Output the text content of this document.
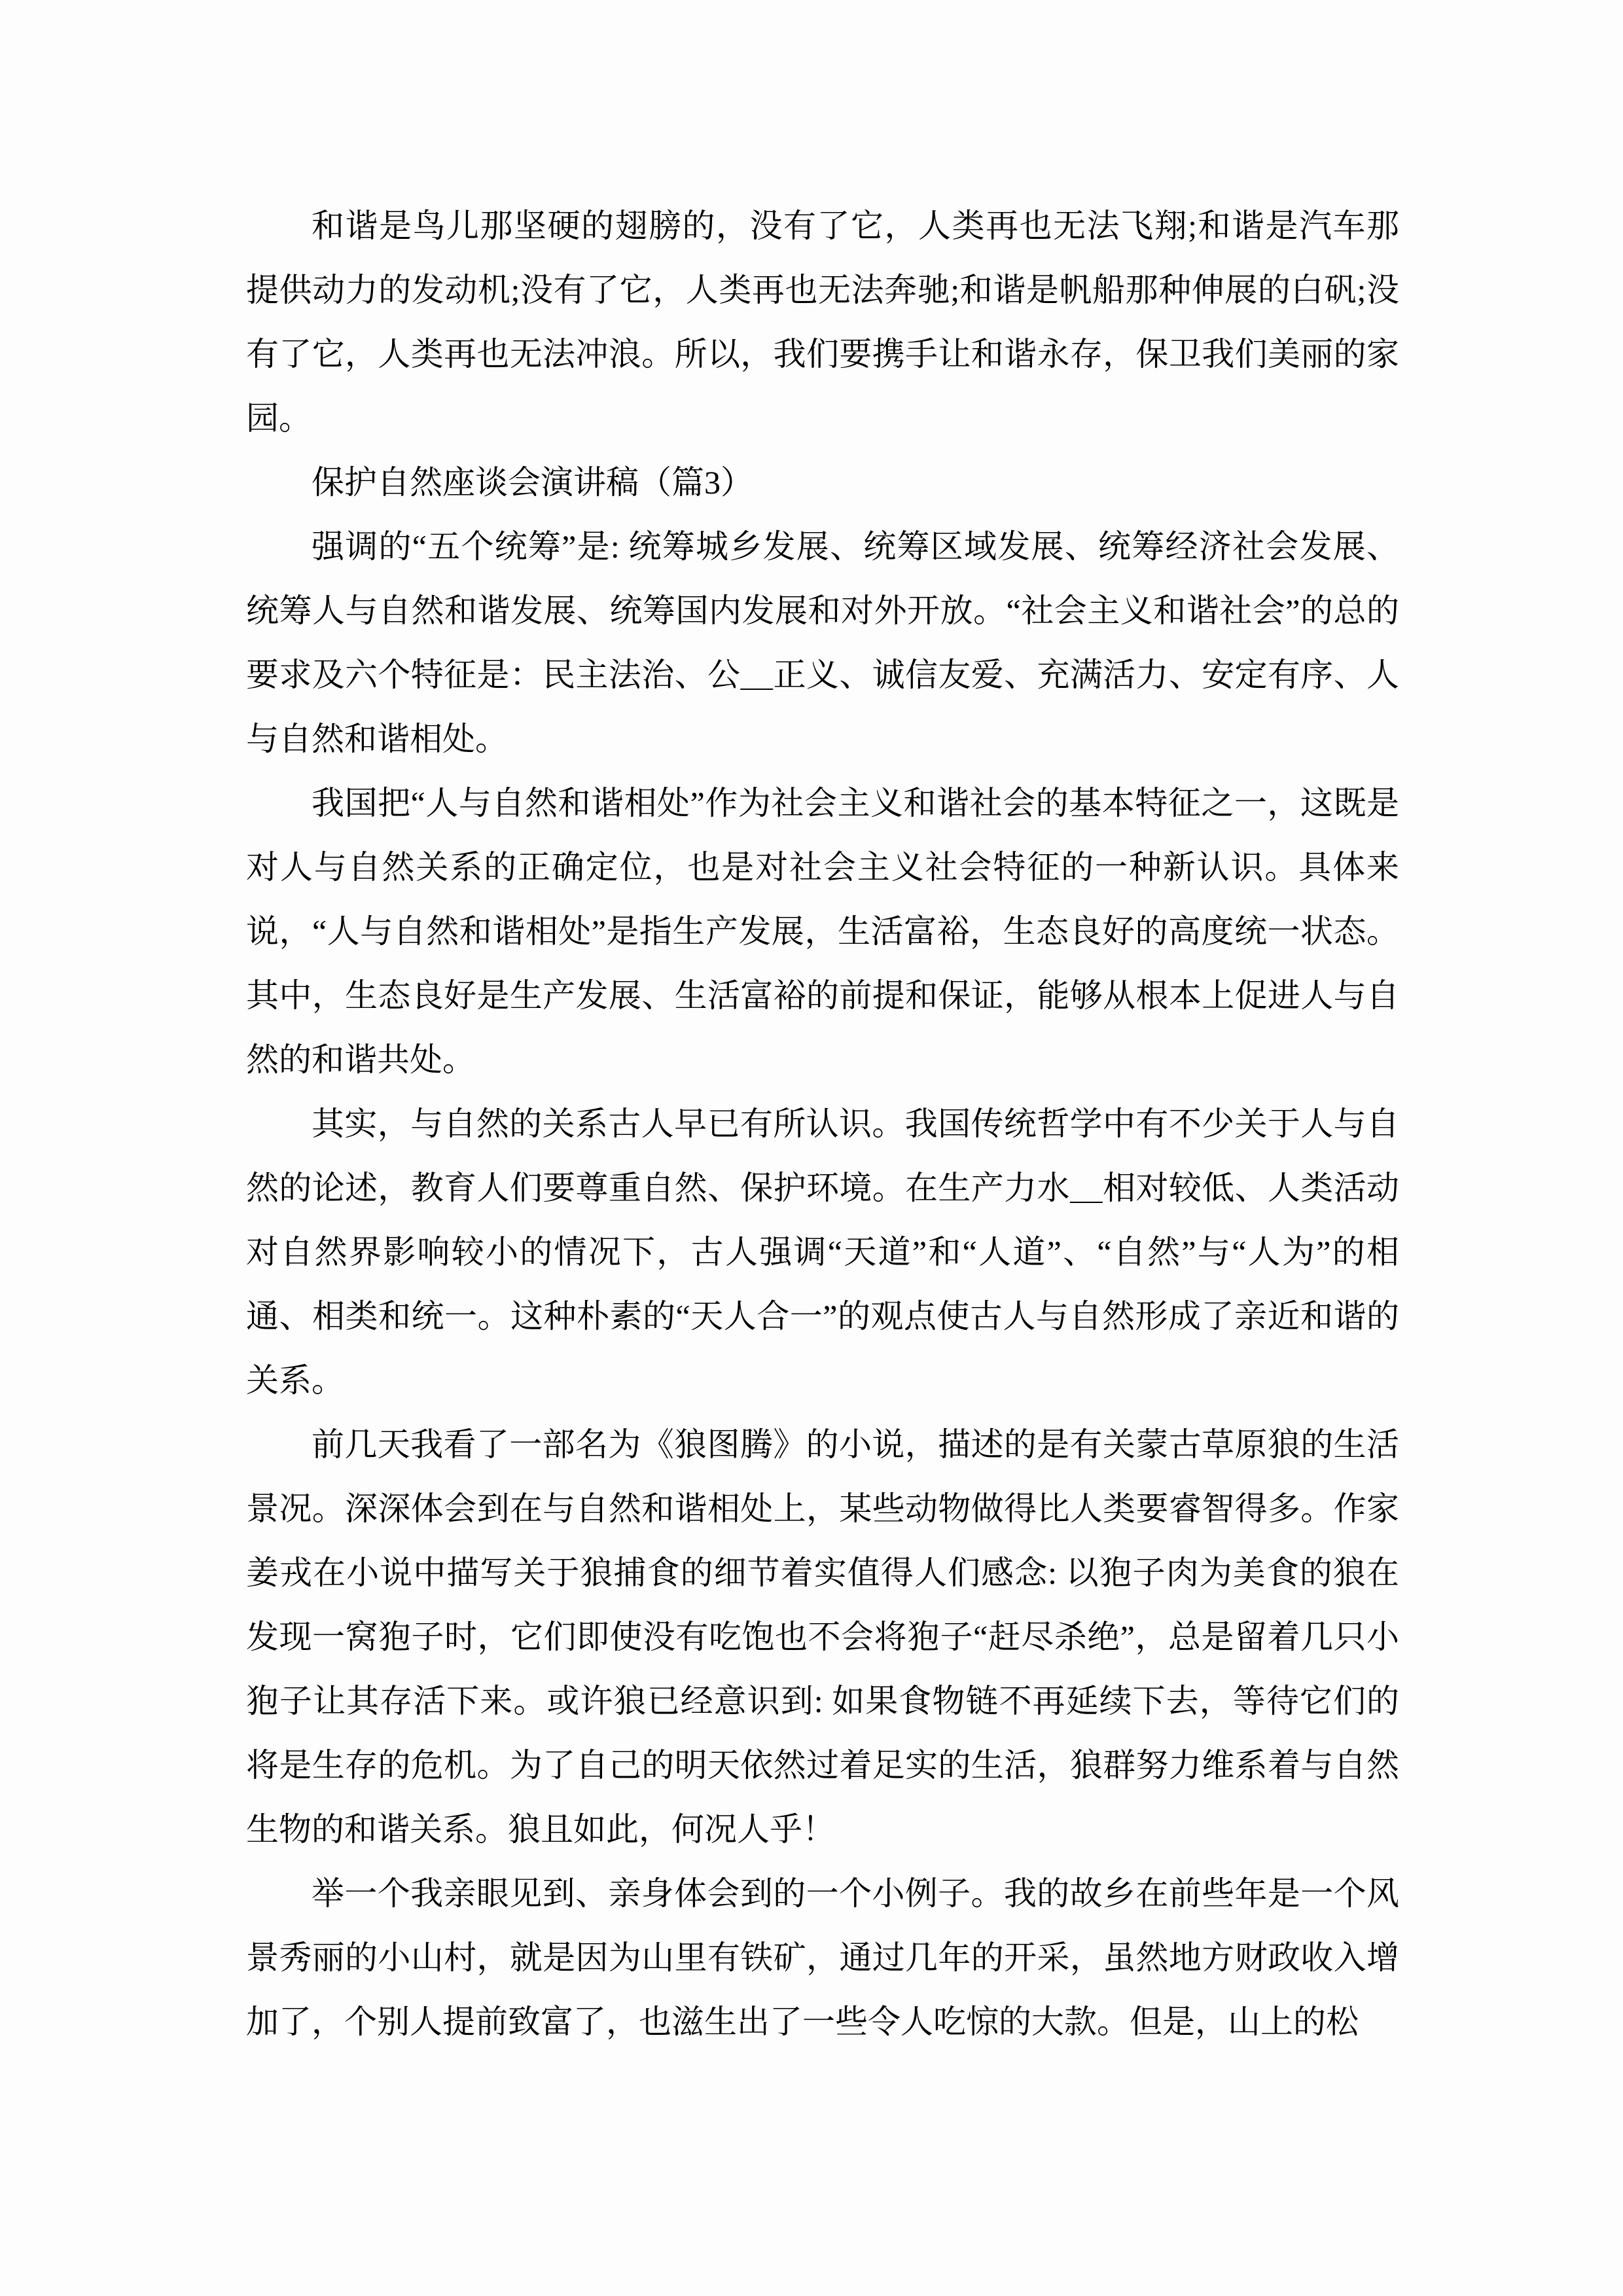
和谐是鸟儿那坚硬的翅膀的，没有了它，人类再也无法飞翔;和谐是汽车那提供动力的发动机;没有了它，人类再也无法奔驰;和谐是帆船那种伸展的白矾;没有了它，人类再也无法冲浪。所以，我们要携手让和谐永存，保卫我们美丽的家园。

保护自然座谈会演讲稿（篇3）

强调的“五个统筹”是: 统筹城乡发展、统筹区域发展、统筹经济社会发展、统筹人与自然和谐发展、统筹国内发展和对外开放。“社会主义和谐社会”的总的要求及六个特征是：民主法治、公＿正义、诚信友爱、充满活力、安定有序、人与自然和谐相处。

我国把“人与自然和谐相处”作为社会主义和谐社会的基本特征之一，这既是对人与自然关系的正确定位，也是对社会主义社会特征的一种新认识。具体来说，“人与自然和谐相处”是指生产发展，生活富裕，生态良好的高度统一状态。其中，生态良好是生产发展、生活富裕的前提和保证，能够从根本上促进人与自然的和谐共处。

其实，与自然的关系古人早已有所认识。我国传统哲学中有不少关于人与自然的论述，教育人们要尊重自然、保护环境。在生产力水＿相对较低、人类活动对自然界影响较小的情况下，古人强调“天道”和“人道”、“自然”与“人为”的相通、相类和统一。这种朴素的“天人合一”的观点使古人与自然形成了亲近和谐的关系。

前几天我看了一部名为《狼图腾》的小说，描述的是有关蒙古草原狼的生活景况。深深体会到在与自然和谐相处上，某些动物做得比人类要睿智得多。作家姜戎在小说中描写关于狼捕食的细节着实值得人们感念: 以狍子肉为美食的狼在发现一窝狍子时，它们即使没有吃饱也不会将狍子“赶尽杀绝”，总是留着几只小狍子让其存活下来。或许狼已经意识到: 如果食物链不再延续下去，等待它们的将是生存的危机。为了自己的明天依然过着足实的生活，狼群努力维系着与自然生物的和谐关系。狼且如此，何况人乎！

举一个我亲眼见到、亲身体会到的一个小例子。我的故乡在前些年是一个风景秀丽的小山村，就是因为山里有铁矿，通过几年的开采，虽然地方财政收入增加了，个别人提前致富了，也滋生出了一些令人吃惊的大款。但是，山上的松
